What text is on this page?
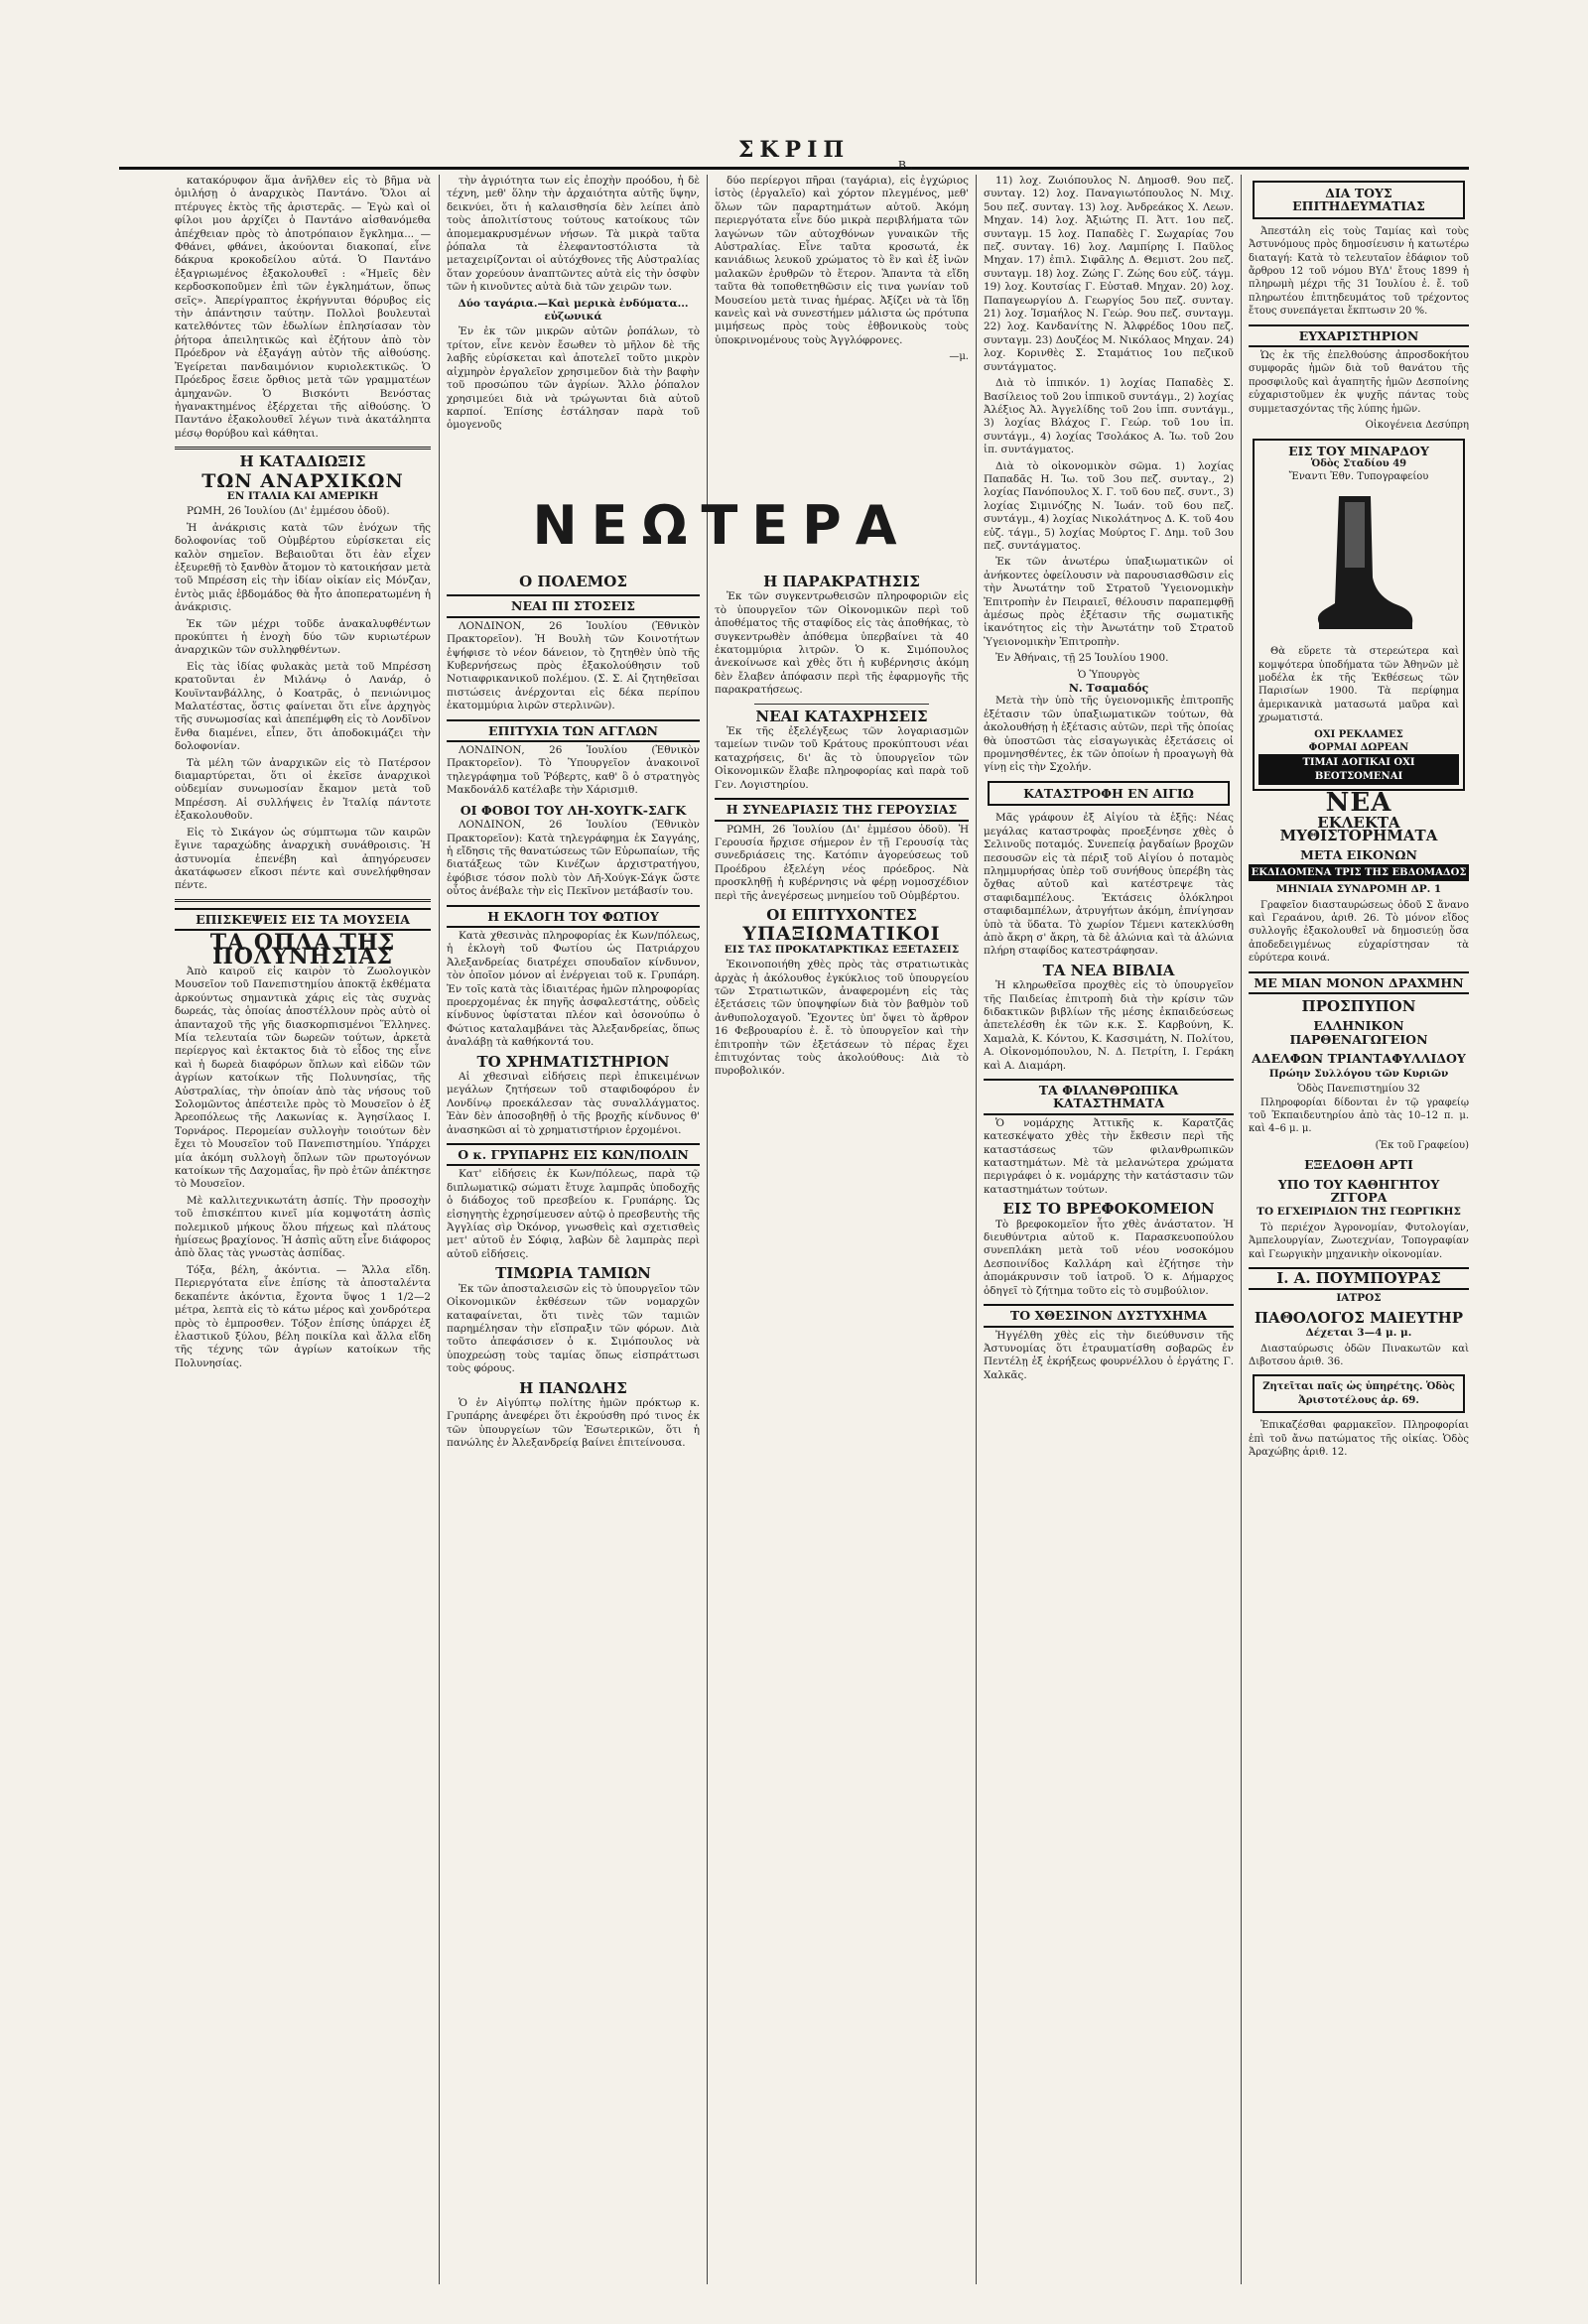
ΣΚΡΙΠ
Β .

κατακόρυφον ἅμα ἀνῆλθεν εἰς τὸ βῆμα νὰ ὁμιλήσῃ ὁ ἀναρχικὸς Παντάνο. Ὅλοι αἱ πτέρυγες ἐκτὸς τῆς ἀριστερᾶς. — Ἐγὼ καὶ οἱ φίλοι μου ἀρχίζει ὁ Παντάνο αἰσθανόμεθα ἀπέχθειαν πρὸς τὸ ἀποτρόπαιον ἔγκλημα... — Φθάνει, φθάνει, ἀκούονται διακοπαί, εἶνε δάκρυα κροκοδείλου αὐτά. Ὁ Παντάνο ἐξαγριωμένος ἐξακολουθεῖ : «Ἠμεῖς δὲν κερδοσκοποῦμεν ἐπὶ τῶν ἐγκλημάτων, ὅπως σεῖς». Ἀπερίγραπτος ἐκρήγνυται θόρυβος εἰς τὴν ἀπάντησιν ταύτην. Πολλοὶ βουλευταὶ κατελθόντες τῶν ἑδωλίων ἐπλησίασαν τὸν ῥήτορα ἀπειλητικῶς καὶ ἐζήτουν ἀπὸ τὸν Πρόεδρον νὰ ἐξαγάγῃ αὐτὸν τῆς αἰθούσης. Ἐγείρεται πανδαιμόνιον κυριολεκτικῶς. Ὁ Πρόεδρος ἔσειε ὄρθιος μετὰ τῶν γραμματέων ἀμηχανῶν. Ὁ Βισκόντι Βενόστας ἠγανακτημένος ἐξέρχεται τῆς αἰθούσης. Ὁ Παντάνο ἐξακολουθεῖ λέγων τινὰ ἀκατάληπτα μέσῳ θορύβου καὶ κάθηται.

Η ΚΑΤΑΔΙΩΞΙΣ
ΤΩΝ ΑΝΑΡΧΙΚΩΝ
ΕΝ ΙΤΑΛΙΑ ΚΑΙ ΑΜΕΡΙΚΗ

ΡΩΜΗ, 26 Ἰουλίου (Δι' ἐμμέσου ὁδοῦ).

Ἡ ἀνάκρισις κατὰ τῶν ἐνόχων τῆς δολοφονίας τοῦ Οὐμβέρτου εὑρίσκεται εἰς καλὸν σημεῖον. Βεβαιοῦται ὅτι ἐὰν εἶχεν ἐξευρεθῇ τὸ ξανθὸν ἄτομον τὸ κατοικήσαν μετὰ τοῦ Μπρέσση εἰς τὴν ἰδίαν οἰκίαν εἰς Μόνζαν, ἐντὸς μιᾶς ἑβδομάδος θὰ ἦτο ἀποπερατωμένη ἡ ἀνάκρισις.

Ἐκ τῶν μέχρι τοῦδε ἀνακαλυφθέντων προκύπτει ἡ ἐνοχὴ δύο τῶν κυριωτέρων ἀναρχικῶν τῶν συλληφθέντων.

Εἰς τὰς ἰδίας φυλακὰς μετὰ τοῦ Μπρέσση κρατοῦνται ἐν Μιλάνῳ ὁ Λανάρ, ὁ Κουϊντανβάλλης, ὁ Κοατρᾶς, ὁ πενιώνιμος Μαλατέστας, ὅστις φαίνεται ὅτι εἶνε ἀρχηγὸς τῆς συνωμοσίας καὶ ἀπεπέμφθη εἰς τὸ Λονδῖνον ἔνθα διαμένει, εἶπεν, ὅτι ἀποδοκιμάζει τὴν δολοφονίαν.

Τὰ μέλη τῶν ἀναρχικῶν εἰς τὸ Πατέρσον διαμαρτύρεται, ὅτι οἱ ἐκεῖσε ἀναρχικοὶ οὐδεμίαν συνωμοσίαν ἔκαμον μετὰ τοῦ Μπρέσση. Αἱ συλλήψεις ἐν Ἰταλίᾳ πάντοτε ἐξακολουθοῦν.

Εἰς τὸ Σικάγον ὡς σύμπτωμα τῶν καιρῶν ἔγινε ταραχώδης ἀναρχικὴ συνάθροισις. Ἡ ἀστυνομία ἐπενέβη καὶ ἀπηγόρευσεν ἀκατάφωσεν εἴκοσι πέντε καὶ συνελήφθησαν πέντε.

ΕΠΙΣΚΕΨΕΙΣ ΕΙΣ ΤΑ ΜΟΥΣΕΙΑ
ΤΑ ΟΠΛΑ ΤΗΣ ΠΟΛΥΝΗΣΙΑΣ

Ἀπὸ καιροῦ εἰς καιρὸν τὸ Ζωολογικὸν Μουσεῖον τοῦ Πανεπιστημίου ἀποκτᾷ ἐκθέματα ἀρκούντως σημαντικὰ χάρις εἰς τὰς συχνὰς δωρεάς, τὰς ὁποίας ἀποστέλλουν πρὸς αὐτὸ οἱ ἀπανταχοῦ τῆς γῆς διασκορπισμένοι Ἕλληνες. Μία τελευταία τῶν δωρεῶν τούτων, ἀρκετὰ περίεργος καὶ ἐκτακτος διὰ τὸ εἶδος της εἶνε καὶ ἡ δωρεὰ διαφόρων ὅπλων καὶ εἰδῶν τῶν ἀγρίων κατοίκων τῆς Πολυνησίας, τῆς Αὐστραλίας, τὴν ὁποίαν ἀπὸ τὰς νήσους τοῦ Σολομῶντος ἀπέστειλε πρὸς τὸ Μουσεῖον ὁ ἐξ Ἀρεοπόλεως τῆς Λακωνίας κ. Ἀγησίλαος Ι. Τορνάρος. Περομείαν συλλογὴν τοιούτων δὲν ἔχει τὸ Μουσεῖον τοῦ Πανεπιστημίου. Ὑπάρχει μία ἀκόμη συλλογὴ ὅπλων τῶν πρωτογόνων κατοίκων τῆς Δαχομαΐας, ἣν πρὸ ἐτῶν ἀπέκτησε τὸ Μουσεῖον.

Μὲ καλλιτεχνικωτάτη ἀσπίς. Τὴν προσοχὴν τοῦ ἐπισκέπτου κινεῖ μία κομψοτάτη ἀσπὶς πολεμικοῦ μήκους ὅλου πήχεως καὶ πλάτους ἡμίσεως βραχίονος. Ἡ ἀσπὶς αὕτη εἶνε διάφορος ἀπὸ ὅλας τὰς γνωστὰς ἀσπίδας.

Τόξα, βέλη, ἀκόντια. — Ἄλλα εἴδη. Περιεργότατα εἶνε ἐπίσης τὰ ἀποσταλέντα δεκαπέντε ἀκόντια, ἔχοντα ὕψος 1 1/2—2 μέτρα, λεπτὰ εἰς τὸ κάτω μέρος καὶ χονδρότερα πρὸς τὸ ἐμπροσθεν. Τόξον ἐπίσης ὑπάρχει ἐξ ἐλαστικοῦ ξύλου, βέλη ποικίλα καὶ ἄλλα εἴδη τῆς τέχνης τῶν ἀγρίων κατοίκων τῆς Πολυνησίας.

τὴν ἀγριότητα των εἰς ἐποχὴν προόδου, ἡ δὲ τέχνη, μεθ' ὅλην τὴν ἀρχαιότητα αὐτῆς ὕψην, δεικνύει, ὅτι ἡ καλαισθησία δὲν λείπει ἀπὸ τοὺς ἀπολιτίστους τούτους κατοίκους τῶν ἀπομεμακρυσμένων νήσων. Τὰ μικρὰ ταῦτα ῥόπαλα τὰ ἐλεφαντοστόλιστα τὰ μεταχειρίζονται οἱ αὐτόχθονες τῆς Αὐστραλίας ὅταν χορεύουν ἀναπτῶντες αὐτὰ εἰς τὴν ὀσφὺν τῶν ἡ κινοῦντες αὐτὰ διὰ τῶν χειρῶν των.

Δύο ταγάρια.—Καὶ μερικὰ ἐνδύματα... εὐζωνικά

Ἐν ἐκ τῶν μικρῶν αὐτῶν ῥοπάλων, τὸ τρίτον, εἶνε κενὸν ἔσωθεν τὸ μῆλον δὲ τῆς λαβῆς εὑρίσκεται καὶ ἀποτελεῖ τοῦτο μικρὸν αἰχμηρὸν ἐργαλεῖον χρησιμεῦον διὰ τὴν βαφὴν τοῦ προσώπου τῶν ἀγρίων. Ἄλλο ῥόπαλον χρησιμεύει διὰ νὰ τρώγωνται διὰ αὐτοῦ καρποί. Ἐπίσης ἐστάλησαν παρὰ τοῦ ὁμογενοῦς

δύο περίεργοι πῆραι (ταγάρια), εἰς ἐγχώριος ἱστὸς (ἐργαλεῖο) καὶ χόρτον πλεγμένος, μεθ' ὅλων τῶν παραρτημάτων αὐτοῦ. Ἀκόμη περιεργότατα εἶνε δύο μικρὰ περιβλήματα τῶν λαγώνων τῶν αὐτοχθόνων γυναικῶν τῆς Αὐστραλίας. Εἶνε ταῦτα κροσωτά, ἐκ κανιάδιως λευκοῦ χρώματος τὸ ἓν καὶ ἐξ ἰνῶν μαλακῶν ἐρυθρῶν τὸ ἕτερον. Ἅπαντα τὰ εἴδη ταῦτα θὰ τοποθετηθῶσιν εἰς τινα γωνίαν τοῦ Μουσείου μετὰ τινας ἡμέρας. Ἀξίζει νὰ τὰ ἴδῃ κανεὶς καὶ νὰ συνεστήμεν μάλιστα ὡς πρότυπα μιμήσεως πρὸς τοὺς ἐθβονικοὺς τοὺς ὑποκρινομένους τοὺς Ἀγγλόφρονες.

—μ.
ΝΕΩΤΕΡΑ
Ο ΠΟΛΕΜΟΣ
ΝΕΑΙ ΠΙ ΣΤΟΣΕΙΣ

ΛΟΝΔΙΝΟΝ, 26 Ἰουλίου (Ἐθνικὸν Πρακτορεῖον). Ἡ Βουλὴ τῶν Κοινοτήτων ἐψήφισε τὸ νέον δάνειον, τὸ ζητηθὲν ὑπὸ τῆς Κυβερνήσεως πρὸς ἐξακολούθησιν τοῦ Νοτιαφρικανικοῦ πολέμου. (Σ. Σ. Αἱ ζητηθεῖσαι πιστώσεις ἀνέρχονται εἰς δέκα περίπου ἑκατομμύρια λιρῶν στερλινῶν).

ΕΠΙΤΥΧΙΑ ΤΩΝ ΑΓΓΛΩΝ

ΛΟΝΔΙΝΟΝ, 26 Ἰουλίου (Ἐθνικὸν Πρακτορεῖον). Τὸ Ὑπουργεῖον ἀνακοινοῖ τηλεγράφημα τοῦ Ῥόβερτς, καθ' ὃ ὁ στρατηγὸς Μακδονάλδ κατέλαβε τὴν Χάρισμιθ.

ΟΙ ΦΟΒΟΙ ΤΟΥ ΛΗ-ΧΟΥΓΚ-ΣΑΓΚ

ΛΟΝΔΙΝΟΝ, 26 Ἰουλίου (Ἐθνικὸν Πρακτορεῖον): Κατὰ τηλεγράφημα ἐκ Σαγγάης, ἡ εἴδησις τῆς θανατώσεως τῶν Εὐρωπαίων, τῆς διατάξεως τῶν Κινέζων ἀρχιστρατήγου, ἐφόβισε τόσον πολὺ τὸν Λῆ-Χούγκ-Σάγκ ὥστε οὗτος ἀνέβαλε τὴν εἰς Πεκῖνον μετάβασίν του.

Η ΕΚΛΟΓΗ ΤΟΥ ΦΩΤΙΟΥ

Κατὰ χθεσινὰς πληροφορίας ἐκ Κων/πόλεως, ἡ ἐκλογὴ τοῦ Φωτίου ὡς Πατριάρχου Ἀλεξανδρείας διατρέχει σπουδαῖον κίνδυνον, τὸν ὁποῖον μόνον αἱ ἐνέργειαι τοῦ κ. Γρυπάρη. Ἐν τοῖς κατὰ τὰς ἰδιαιτέρας ἡμῶν πληροφορίας προερχομένας ἐκ πηγῆς ἀσφαλεστάτης, οὐδεὶς κίνδυνος ὑφίσταται πλέον καὶ ὁσονούπω ὁ Φώτιος καταλαμβάνει τὰς Ἀλεξανδρείας, ὅπως ἀναλάβῃ τὰ καθήκοντά του.

ΤΟ ΧΡΗΜΑΤΙΣΤΗΡΙΟΝ

Αἱ χθεσιναὶ εἰδήσεις περὶ ἐπικειμένων μεγάλων ζητήσεων τοῦ σταφιδοφόρου ἐν Λονδίνῳ προεκάλεσαν τὰς συναλλάγματος. Ἐὰν δὲν ἀποσοβηθῇ ὁ τῆς βροχῆς κίνδυνος θ' ἀνασηκῶσι αἱ τὸ χρηματιστήριον ἐρχομένοι.

Ο κ. ΓΡΥΠΑΡΗΣ ΕΙΣ ΚΩΝ/ΠΟΛΙΝ

Κατ' εἰδήσεις ἐκ Κων/πόλεως, παρὰ τῷ διπλωματικῷ σώματι ἔτυχε λαμπρᾶς ὑποδοχῆς ὁ διάδοχος τοῦ πρεσβείου κ. Γρυπάρης. Ὡς εἰσηγητὴς ἐχρησίμευσεν αὐτῷ ὁ πρεσβευτὴς τῆς Ἀγγλίας σὶρ Ὀκόνορ, γνωσθεὶς καὶ σχετισθεὶς μετ' αὐτοῦ ἐν Σόφιᾳ, λαβὼν δὲ λαμπρὰς περὶ αὐτοῦ εἰδήσεις.

ΤΙΜΩΡΙΑ ΤΑΜΙΩΝ

Ἐκ τῶν ἀποσταλεισῶν εἰς τὸ ὑπουργεῖον τῶν Οἰκονομικῶν ἐκθέσεων τῶν νομαρχῶν καταφαίνεται, ὅτι τινὲς τῶν ταμιῶν παρημέλησαν τὴν εἴσπραξιν τῶν φόρων. Διὰ τοῦτο ἀπεφάσισεν ὁ κ. Σιμόπουλος νὰ ὑποχρεώσῃ τοὺς ταμίας ὅπως εἰσπράττωσι τοὺς φόρους.

Η ΠΑΝΩΛΗΣ

Ὁ ἐν Αἰγύπτῳ πολίτης ἡμῶν πρόκτωρ κ. Γρυπάρης ἀνεφέρει ὅτι ἐκρούσθη πρό τινος ἐκ τῶν ὑπουργείων τῶν Ἐσωτερικῶν, ὅτι ἡ πανώλης ἐν Ἀλεξανδρείᾳ βαίνει ἐπιτείνουσα.

Η ΠΑΡΑΚΡΑΤΗΣΙΣ

Ἐκ τῶν συγκεντρωθεισῶν πληροφοριῶν εἰς τὸ ὑπουργεῖον τῶν Οἰκονομικῶν περὶ τοῦ ἀποθέματος τῆς σταφίδος εἰς τὰς ἀποθήκας, τὸ συγκεντρωθὲν ἀπόθεμα ὑπερβαίνει τὰ 40 ἑκατομμύρια λιτρῶν. Ὁ κ. Σιμόπουλος ἀνεκοίνωσε καὶ χθὲς ὅτι ἡ κυβέρνησις ἀκόμη δὲν ἔλαβεν ἀπόφασιν περὶ τῆς ἐφαρμογῆς τῆς παρακρατήσεως.

ΝΕΑΙ ΚΑΤΑΧΡΗΣΕΙΣ

Ἐκ τῆς ἐξελέγξεως τῶν λογαριασμῶν ταμείων τινῶν τοῦ Κράτους προκύπτουσι νέαι καταχρήσεις, δι' ἃς τὸ ὑπουργεῖον τῶν Οἰκονομικῶν ἔλαβε πληροφορίας καὶ παρὰ τοῦ Γεν. Λογιστηρίου.

Η ΣΥΝΕΔΡΙΑΣΙΣ ΤΗΣ ΓΕΡΟΥΣΙΑΣ

ΡΩΜΗ, 26 Ἰουλίου (Δι' ἐμμέσου ὁδοῦ). Ἡ Γερουσία ἤρχισε σήμερον ἐν τῇ Γερουσίᾳ τὰς συνεδριάσεις της. Κατόπιν ἀγορεύσεως τοῦ Προέδρου ἐξελέγη νέος πρόεδρος. Νὰ προσκληθῇ ἡ κυβέρνησις νὰ φέρῃ νομοσχέδιον περὶ τῆς ἀνεγέρσεως μνημείου τοῦ Οὐμβέρτου.

ΟΙ ΕΠΙΤΥΧΟΝΤΕΣ
ΥΠΑΞΙΩΜΑΤΙΚΟΙ
ΕΙΣ ΤΑΣ ΠΡΟΚΑΤΑΡΚΤΙΚΑΣ ΕΞΕΤΑΣΕΙΣ

Ἐκοινοποιήθη χθὲς πρὸς τὰς στρατιωτικὰς ἀρχὰς ἡ ἀκόλουθος ἐγκύκλιος τοῦ ὑπουργείου τῶν Στρατιωτικῶν, ἀναφερομένη εἰς τὰς ἐξετάσεις τῶν ὑποψηφίων διὰ τὸν βαθμὸν τοῦ ἀνθυπολοχαγοῦ. Ἔχοντες ὑπ' ὄψει τὸ ἄρθρον 16 Φεβρουαρίου ἐ. ἔ. τὸ ὑπουργεῖον καὶ τὴν ἐπιτροπὴν τῶν ἐξετάσεων τὸ πέρας ἔχει ἐπιτυχόντας τοὺς ἀκολούθους: Διὰ τὸ πυροβολικόν.

11) λοχ. Ζωιόπουλος Ν. Δημοσθ. 9ου πεζ. συνταγ. 12) λοχ. Παναγιωτόπουλος Ν. Μιχ. 5ου πεζ. συνταγ. 13) λοχ. Ἀνδρεάκος Χ. Λεων. Μηχαν. 14) λοχ. Ἀξιώτης Π. Ἀττ. 1ου πεζ. συνταγμ. 15 λοχ. Παπαδὲς Γ. Σωχαρίας 7ου πεζ. συνταγ. 16) λοχ. Λαμπίρης Ι. Παῦλος Μηχαν. 17) ἐπιλ. Σιφᾶλης Δ. Θεμιστ. 2ου πεζ. συνταγμ. 18) λοχ. Ζώης Γ. Ζώης 6ου εὐζ. τάγμ. 19) λοχ. Κουτσίας Γ. Εὐσταθ. Μηχαν. 20) λοχ. Παπαγεωργίου Δ. Γεωργίος 5ου πεζ. συνταγ. 21) λοχ. Ἰσμαήλος Ν. Γεώρ. 9ου πεζ. συνταγμ. 22) λοχ. Κανδανίτης Ν. Ἀλφρέδος 10ου πεζ. συνταγμ. 23) Δουζέος Μ. Νικόλαος Μηχαν. 24) λοχ. Κορινθὲς Σ. Σταμάτιος 1ου πεζικοῦ συντάγματος.

Διὰ τὸ ἱππικόν. 1) λοχίας Παπαδὲς Σ. Βασίλειος τοῦ 2ου ἱππικοῦ συντάγμ., 2) λοχίας Ἀλέξιος Ἀλ. Ἀγγελίδης τοῦ 2ου ἱππ. συντάγμ., 3) λοχίας Βλάχος Γ. Γεώρ. τοῦ 1ου ἱπ. συντάγμ., 4) λοχίας Τσολάκος Α. Ἰω. τοῦ 2ου ἱπ. συντάγματος.

Διὰ τὸ οἰκονομικὸν σῶμα. 1) λοχίας Παπαδᾶς Η. Ἰω. τοῦ 3ου πεζ. συνταγ., 2) λοχίας Πανόπουλος Χ. Γ. τοῦ 6ου πεζ. συντ., 3) λοχίας Σιμινόζης Ν. Ἰωάν. τοῦ 6ου πεζ. συντάγμ., 4) λοχίας Νικολάτηνος Δ. Κ. τοῦ 4ου εὐζ. τάγμ., 5) λοχίας Μούρτος Γ. Δημ. τοῦ 3ου πεζ. συντάγματος.

Ἐκ τῶν ἀνωτέρω ὑπαξιωματικῶν οἱ ἀνήκοντες ὀφείλουσιν νὰ παρουσιασθῶσιν εἰς τὴν Ἀνωτάτην τοῦ Στρατοῦ Ὑγειονομικὴν Ἐπιτροπὴν ἐν Πειραιεῖ, θέλουσιν παραπεμφθῇ ἀμέσως πρὸς ἐξέτασιν τῆς σωματικῆς ἱκανότητος εἰς τὴν Ἀνωτάτην τοῦ Στρατοῦ Ὑγειονομικὴν Ἐπιτροπὴν.

Ἐν Ἀθήναις, τῇ 25 Ἰουλίου 1900.

Ὁ Ὑπουργὸς
Ν. Τσαμαδός

Μετὰ τὴν ὑπὸ τῆς ὑγειονομικῆς ἐπιτροπῆς ἐξέτασιν τῶν ὑπαξιωματικῶν τούτων, θὰ ἀκολουθήσῃ ἡ ἐξέτασις αὐτῶν, περὶ τῆς ὁποίας θὰ ὑποστῶσι τὰς εἰσαγωγικὰς ἐξετάσεις οἱ προμνησθέντες, ἐκ τῶν ὁποίων ἡ προαγωγὴ θὰ γίνῃ εἰς τὴν Σχολήν.

ΚΑΤΑΣΤΡΟΦΗ ΕΝ ΑΙΓΙΩ

Μᾶς γράφουν ἐξ Αἰγίου τὰ ἑξῆς: Νέας μεγάλας καταστροφὰς προεξένησε χθὲς ὁ Σελινοῦς ποταμός. Συνεπείᾳ ῥαγδαίων βροχῶν πεσουσῶν εἰς τὰ πέριξ τοῦ Αἰγίου ὁ ποταμὸς πλημμυρήσας ὑπὲρ τοῦ συνήθους ὑπερέβη τὰς ὄχθας αὐτοῦ καὶ κατέστρεψε τὰς σταφιδαμπέλους. Ἐκτάσεις ὁλόκληροι σταφιδαμπέλων, ἀτρυγήτων ἀκόμη, ἐπνίγησαν ὑπὸ τὰ ὕδατα. Τὸ χωρίον Τέμενι κατεκλύσθη ἀπὸ ἄκρη σ' ἄκρη, τὰ δὲ ἀλώνια καὶ τὰ ἁλώνια πλήρη σταφίδος κατεστράφησαν.

ΤΑ ΝΕΑ ΒΙΒΛΙΑ

Ἡ κληρωθεῖσα προχθὲς εἰς τὸ ὑπουργεῖον τῆς Παιδείας ἐπιτροπὴ διὰ τὴν κρίσιν τῶν διδακτικῶν βιβλίων τῆς μέσης ἐκπαιδεύσεως ἀπετελέσθη ἐκ τῶν κ.κ. Σ. Καρβούνη, Κ. Χαμαλὰ, Κ. Κόντου, Κ. Κασσιμάτη, Ν. Πολίτου, Α. Οἰκονομόπουλου, Ν. Δ. Πετρίτη, Ι. Γεράκη καὶ Α. Διαμάρη.

ΤΑ ΦΙΛΑΝΘΡΩΠΙΚΑ ΚΑΤΑΣΤΗΜΑΤΑ

Ὁ νομάρχης Ἀττικῆς κ. Καρατζᾶς κατεσκέψατο χθὲς τὴν ἔκθεσιν περὶ τῆς καταστάσεως τῶν φιλανθρωπικῶν καταστημάτων. Μὲ τὰ μελανώτερα χρώματα περιγράφει ὁ κ. νομάρχης τὴν κατάστασιν τῶν καταστημάτων τούτων.

ΕΙΣ ΤΟ ΒΡΕΦΟΚΟΜΕΙΟΝ

Τὸ βρεφοκομεῖον ἦτο χθὲς ἀνάστατον. Ἡ διευθύντρια αὐτοῦ κ. Παρασκευοπούλου συνεπλάκη μετὰ τοῦ νέου νοσοκόμου Δεσποινίδος Καλλάρη καὶ ἐζήτησε τὴν ἀπομάκρυνσιν τοῦ ἰατροῦ. Ὁ κ. Δήμαρχος ὁδηγεῖ τὸ ζήτημα τοῦτο εἰς τὸ συμβούλιον.

ΤΟ ΧΘΕΣΙΝΟΝ ΔΥΣΤΥΧΗΜΑ

Ἠγγέλθη χθὲς εἰς τὴν διεύθυνσιν τῆς Ἀστυνομίας ὅτι ἐτραυματίσθη σοβαρῶς ἐν Πεντέλῃ ἐξ ἐκρήξεως φουρνέλλου ὁ ἐργάτης Γ. Χαλκᾶς.

ΔΙΑ ΤΟΥΣ ΕΠΙΤΗΔΕΥΜΑΤΙΑΣ

Ἀπεστάλη εἰς τοὺς Ταμίας καὶ τοὺς Ἀστυνόμους πρὸς δημοσίευσιν ἡ κατωτέρω διαταγή: Κατὰ τὸ τελευταῖον ἐδάφιον τοῦ ἄρθρου 12 τοῦ νόμου ΒΥΔ' ἔτους 1899 ἡ πληρωμὴ μέχρι τῆς 31 Ἰουλίου ἐ. ἔ. τοῦ πληρωτέου ἐπιτηδευμάτος τοῦ τρέχοντος ἔτους συνεπάγεται ἔκπτωσιν 20 %.

ΕΥΧΑΡΙΣΤΗΡΙΟΝ

Ὡς ἐκ τῆς ἐπελθούσης ἀπροσδοκήτου συμφορᾶς ἡμῶν διὰ τοῦ θανάτου τῆς προσφιλοῦς καὶ ἀγαπητῆς ἡμῶν Δεσποίνης εὐχαριστοῦμεν ἐκ ψυχῆς πάντας τοὺς συμμετασχόντας τῆς λύπης ἡμῶν.

Οἰκογένεια Δεσύπρη
ΕΙΣ ΤΟΥ ΜΙΝΑΡΔΟΥ
Ὁδὸς Σταδίου 49
Ἔναντι Ἐθν. Τυπογραφείου

Θὰ εὕρετε τὰ στερεώτερα καὶ κομψότερα ὑποδήματα τῶν Ἀθηνῶν μὲ μοδέλα ἐκ τῆς Ἐκθέσεως τῶν Παρισίων 1900. Τὰ περίφημα ἀμερικανικὰ ματασωτά μαῦρα καὶ χρωματιστά.

ΟΧΙ ΡΕΚΛΑΜΕΣ
ΦΟΡΜΑΙ ΔΩΡΕΑΝ
ΤΙΜΑΙ ΔΟΓΙΚΑΙ ΟΧΙ ΒΕΟΤΣΟΜΕΝΑΙ
ΝΕΑ
ΕΚΛΕΚΤΑ ΜΥΘΙΣΤΟΡΗΜΑΤΑ
ΜΕΤΑ ΕΙΚΟΝΩΝ
ΕΚΔΙΔΟΜΕΝΑ ΤΡΙΣ ΤΗΣ ΕΒΔΟΜΑΔΟΣ
ΜΗΝΙΑΙΑ ΣΥΝΔΡΟΜΗ ΔΡ. 1

Γραφεῖον διασταυρώσεως ὁδοῦ Σ ἄνανο καὶ Γεραάνου, ἀριθ. 26. Τὸ μόνον εἴδος συλλογῆς ἐξακολουθεῖ νὰ δημοσιεύῃ ὅσα ἀποδεδειγμένως εὐχαρίστησαν τὰ εὐρύτερα κοινά.

ΜΕ ΜΙΑΝ ΜΟΝΟΝ ΔΡΑΧΜΗΝ
ΠΡΟΣΠΥΠΟΝ
ΕΛΛΗΝΙΚΟΝ ΠΑΡΘΕΝΑΓΩΓΕΙΟΝ
ΑΔΕΛΦΩΝ ΤΡΙΑΝΤΑΦΥΛΛΙΔΟΥ
Πρώην Συλλόγου τῶν Κυριῶν
Ὁδὸς Πανεπιστημίου 32

Πληροφορίαι δίδονται ἐν τῷ γραφείῳ τοῦ Ἐκπαιδευτηρίου ἀπὸ τὰς 10–12 π. μ. καὶ 4–6 μ. μ.

(Ἐκ τοῦ Γραφείου)
ΕΞΕΔΟΘΗ ΑΡΤΙ
ΥΠΟ ΤΟΥ ΚΑΘΗΓΗΤΟΥ ΖΓΓΟΡΑ
ΤΟ ΕΓΧΕΙΡΙΔΙΟΝ ΤΗΣ ΓΕΩΡΓΙΚΗΣ

Τὸ περιέχον Ἀγρονομίαν, Φυτολογίαν, Ἀμπελουργίαν, Ζωοτεχνίαν, Τοπογραφίαν καὶ Γεωργικὴν μηχανικὴν οἰκονομίαν.

Ι. Α. ΠΟΥΜΠΟΥΡΑΣ
ΙΑΤΡΟΣ
ΠΑΘΟΛΟΓΟΣ ΜΑΙΕΥΤΗΡ
Δέχεται 3—4 μ. μ.

Διασταύρωσις ὁδῶν Πινακωτῶν καὶ Διβοτσου ἀριθ. 36.

Ζητεῖται παῖς ὡς ὑπηρέτης. Ὁδὸς Ἀριστοτέλους ἀρ. 69.

Ἐπικαζέσθαι φαρμακεῖον. Πληροφορίαι ἐπὶ τοῦ ἄνω πατώματος τῆς οἰκίας. Ὁδὸς Ἀραχώβης ἀριθ. 12.
